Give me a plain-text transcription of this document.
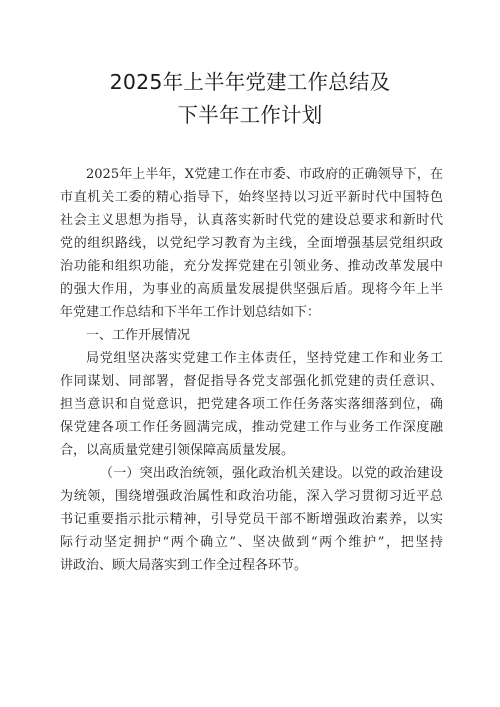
2025年上半年党建工作总结及
下半年工作计划
2025年上半年，X党建工作在市委、市政府的正确领导下，在
市直机关工委的精心指导下，始终坚持以习近平新时代中国特色
社会主义思想为指导，认真落实新时代党的建设总要求和新时代
党的组织路线，以党纪学习教育为主线，全面增强基层党组织政
治功能和组织功能，充分发挥党建在引领业务、推动改革发展中
的强大作用，为事业的高质量发展提供坚强后盾。现将今年上半
年党建工作总结和下半年工作计划总结如下：
一、工作开展情况
局党组坚决落实党建工作主体责任，坚持党建工作和业务工
作同谋划、同部署，督促指导各党支部强化抓党建的责任意识、
担当意识和自觉意识，把党建各项工作任务落实落细落到位，确
保党建各项工作任务圆满完成，推动党建工作与业务工作深度融
合，以高质量党建引领保障高质量发展。
（一）突出政治统领，强化政治机关建设。以党的政治建设
为统领，围绕增强政治属性和政治功能，深入学习贯彻习近平总
书记重要指示批示精神，引导党员干部不断增强政治素养，以实
际行动坚定拥护“两个确立”、坚决做到“两个维护”，把坚持
讲政治、顾大局落实到工作全过程各环节。
